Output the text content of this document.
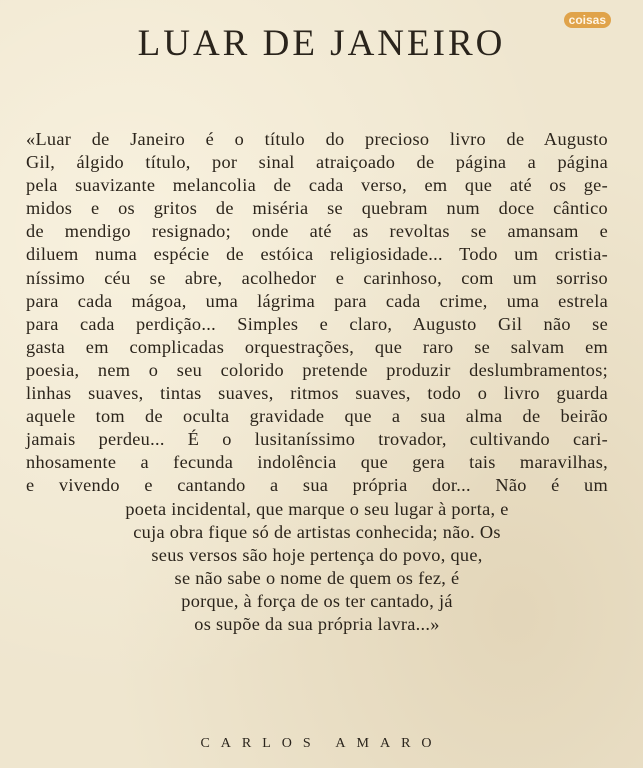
coisas
LUAR DE JANEIRO
«Luar de Janeiro é o título do precioso livro de Augusto
Gil, álgido título, por sinal atraiçoado de página a página
pela suavizante melancolia de cada verso, em que até os ge-
midos e os gritos de miséria se quebram num doce cântico
de mendigo resignado; onde até as revoltas se amansam e
diluem numa espécie de estóica religiosidade... Todo um cristia-
níssimo céu se abre, acolhedor e carinhoso, com um sorriso
para cada mágoa, uma lágrima para cada crime, uma estrela
para cada perdição... Simples e claro, Augusto Gil não se
gasta em complicadas orquestrações, que raro se salvam em
poesia, nem o seu colorido pretende produzir deslumbramentos;
linhas suaves, tintas suaves, ritmos suaves, todo o livro guarda
aquele tom de oculta gravidade que a sua alma de beirão
jamais perdeu... É o lusitaníssimo trovador, cultivando cari-
nhosamente a fecunda indolência que gera tais maravilhas,
e vivendo e cantando a sua própria dor... Não é um
poeta incidental, que marque o seu lugar à porta, e
cuja obra fique só de artistas conhecida; não. Os
seus versos são hoje pertença do povo, que,
se não sabe o nome de quem os fez, é
porque, à força de os ter cantado, já
os supõe da sua própria lavra...»
CARLOS AMARO
